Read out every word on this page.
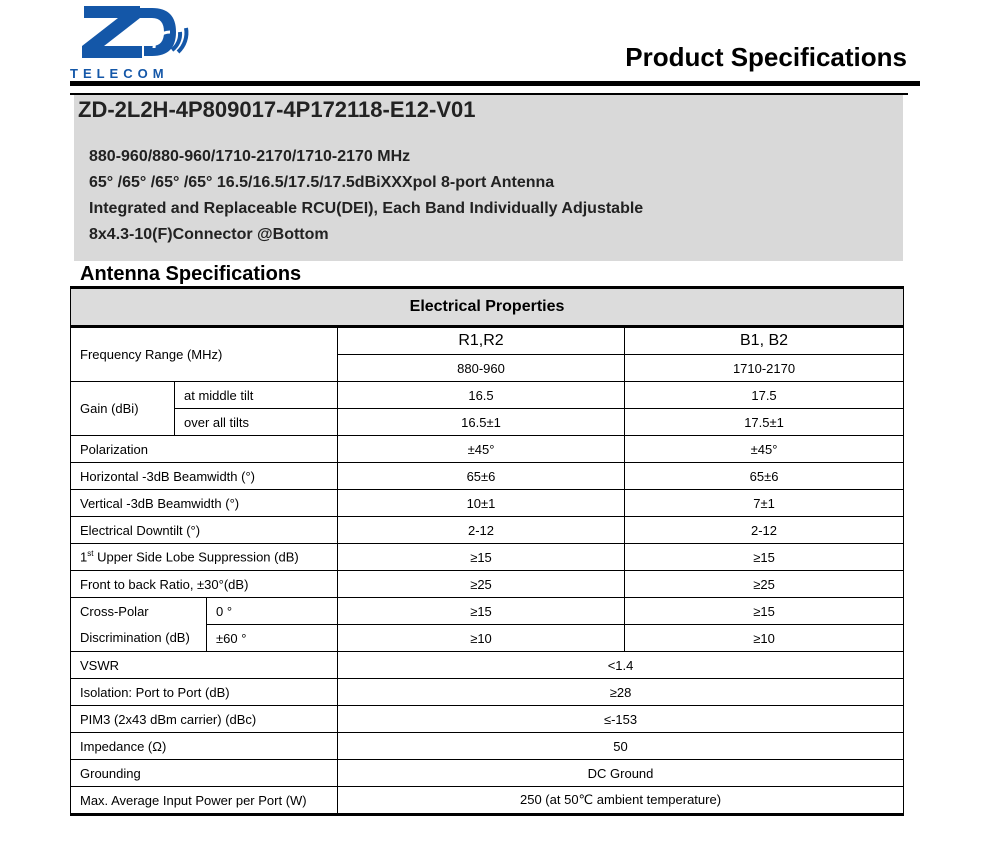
TELECOM
Product Specifications
ZD-2L2H-4P809017-4P172118-E12-V01
880-960/880-960/1710-2170/1710-2170 MHz
65° /65° /65° /65° 16.5/16.5/17.5/17.5dBiXXXpol 8-port Antenna
Integrated and Replaceable RCU(DEI), Each Band Individually Adjustable
8x4.3-10(F)Connector @Bottom
Antenna Specifications
Electrical Properties				
Frequency Range (MHz)			R1,R2	B1, B2
			880-960	1710-2170
Gain (dBi)	at middle tilt		16.5	17.5
	over all tilts		16.5±1	17.5±1
Polarization			±45°	±45°
Horizontal -3dB Beamwidth (°)			65±6	65±6
Vertical -3dB Beamwidth (°)			10±1	7±1
Electrical Downtilt (°)			2-12	2-12
1st Upper Side Lobe Suppression (dB)			≥15	≥15
Front to back Ratio, ±30°(dB)			≥25	≥25
Cross-Polar		0 °	≥15	≥15
Discrimination (dB)		±60 °	≥10	≥10
VSWR			<1.4	
Isolation: Port to Port (dB)			≥28	
PIM3 (2x43 dBm carrier) (dBc)			≤-153	
Impedance (Ω)			50	
Grounding			DC Ground	
Max. Average Input Power per Port (W)			250 (at 50℃ ambient temperature)	
